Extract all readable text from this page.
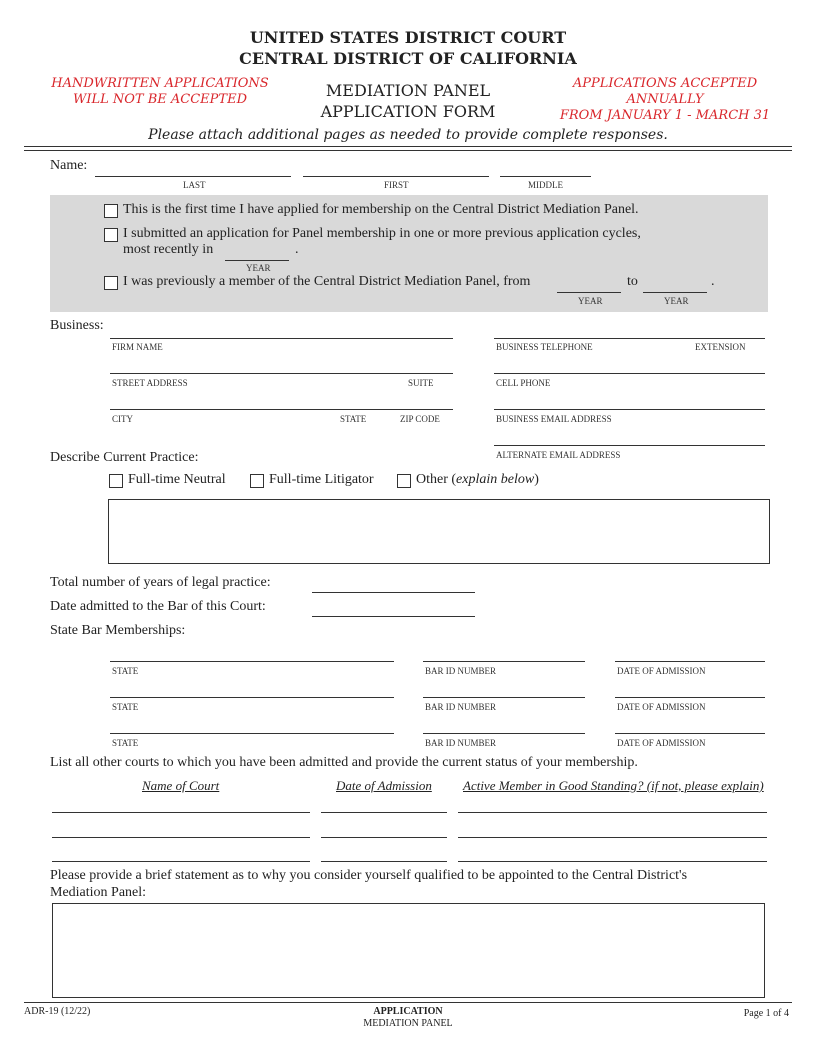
UNITED STATES DISTRICT COURT
CENTRAL DISTRICT OF CALIFORNIA
HANDWRITTEN APPLICATIONS
WILL NOT BE ACCEPTED	MEDIATION PANEL
APPLICATION FORM
APPLICATIONS ACCEPTED ANNUALLY
FROM JANUARY 1 - MARCH 31
Please attach additional pages as needed to provide complete responses.
Name:
LAST	FIRST	MIDDLE
This is the first time I have applied for membership on the Central District Mediation Panel.
I submitted an application for Panel membership in one or more previous application cycles,
most recently in	.
YEAR
I was previously a member of the Central District Mediation Panel, from	to	.
YEAR	YEAR
Business:
FIRM NAME
STREET ADDRESS	SUITE
CITY	STATE	ZIP CODE
BUSINESS TELEPHONE	EXTENSION
CELL PHONE
BUSINESS EMAIL ADDRESS
ALTERNATE EMAIL ADDRESS
Describe Current Practice:
Full-time Neutral	Full-time Litigator	Other (explain below)
Total number of years of legal practice:
Date admitted to the Bar of this Court:
State Bar Memberships:
STATE	BAR ID NUMBER	DATE OF ADMISSION
STATE	BAR ID NUMBER	DATE OF ADMISSION
STATE	BAR ID NUMBER	DATE OF ADMISSION
List all other courts to which you have been admitted and provide the current status of your membership.
Name of Court	Date of Admission Active Member in Good Standing? (if not, please explain)
Please provide a brief statement as to why you consider yourself qualified to be appointed to the Central District's
Mediation Panel:
ADR-19 (12/22)	APPLICATION
MEDIATION PANEL
Page 1 of 4
